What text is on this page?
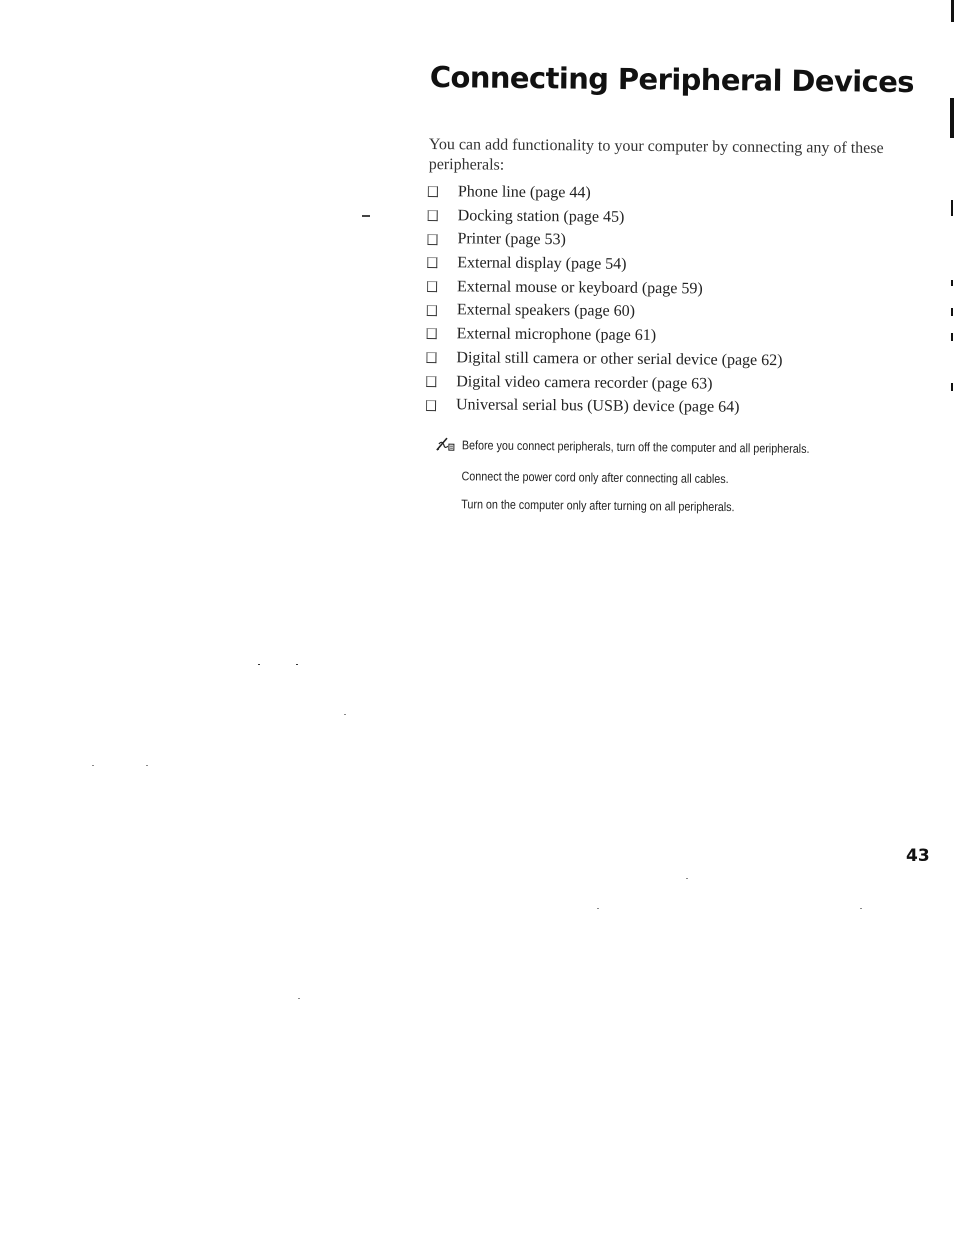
Connecting Peripheral Devices

You can add functionality to your computer by connecting any of these peripherals:

Phone line (page 44)
Docking station (page 45)
Printer (page 53)
External display (page 54)
External mouse or keyboard (page 59)
External speakers (page 60)
External microphone (page 61)
Digital still camera or other serial device (page 62)
Digital video camera recorder (page 63)
Universal serial bus (USB) device (page 64)
Before you connect peripherals, turn off the computer and all peripherals.
Connect the power cord only after connecting all cables.
Turn on the computer only after turning on all peripherals.
43
